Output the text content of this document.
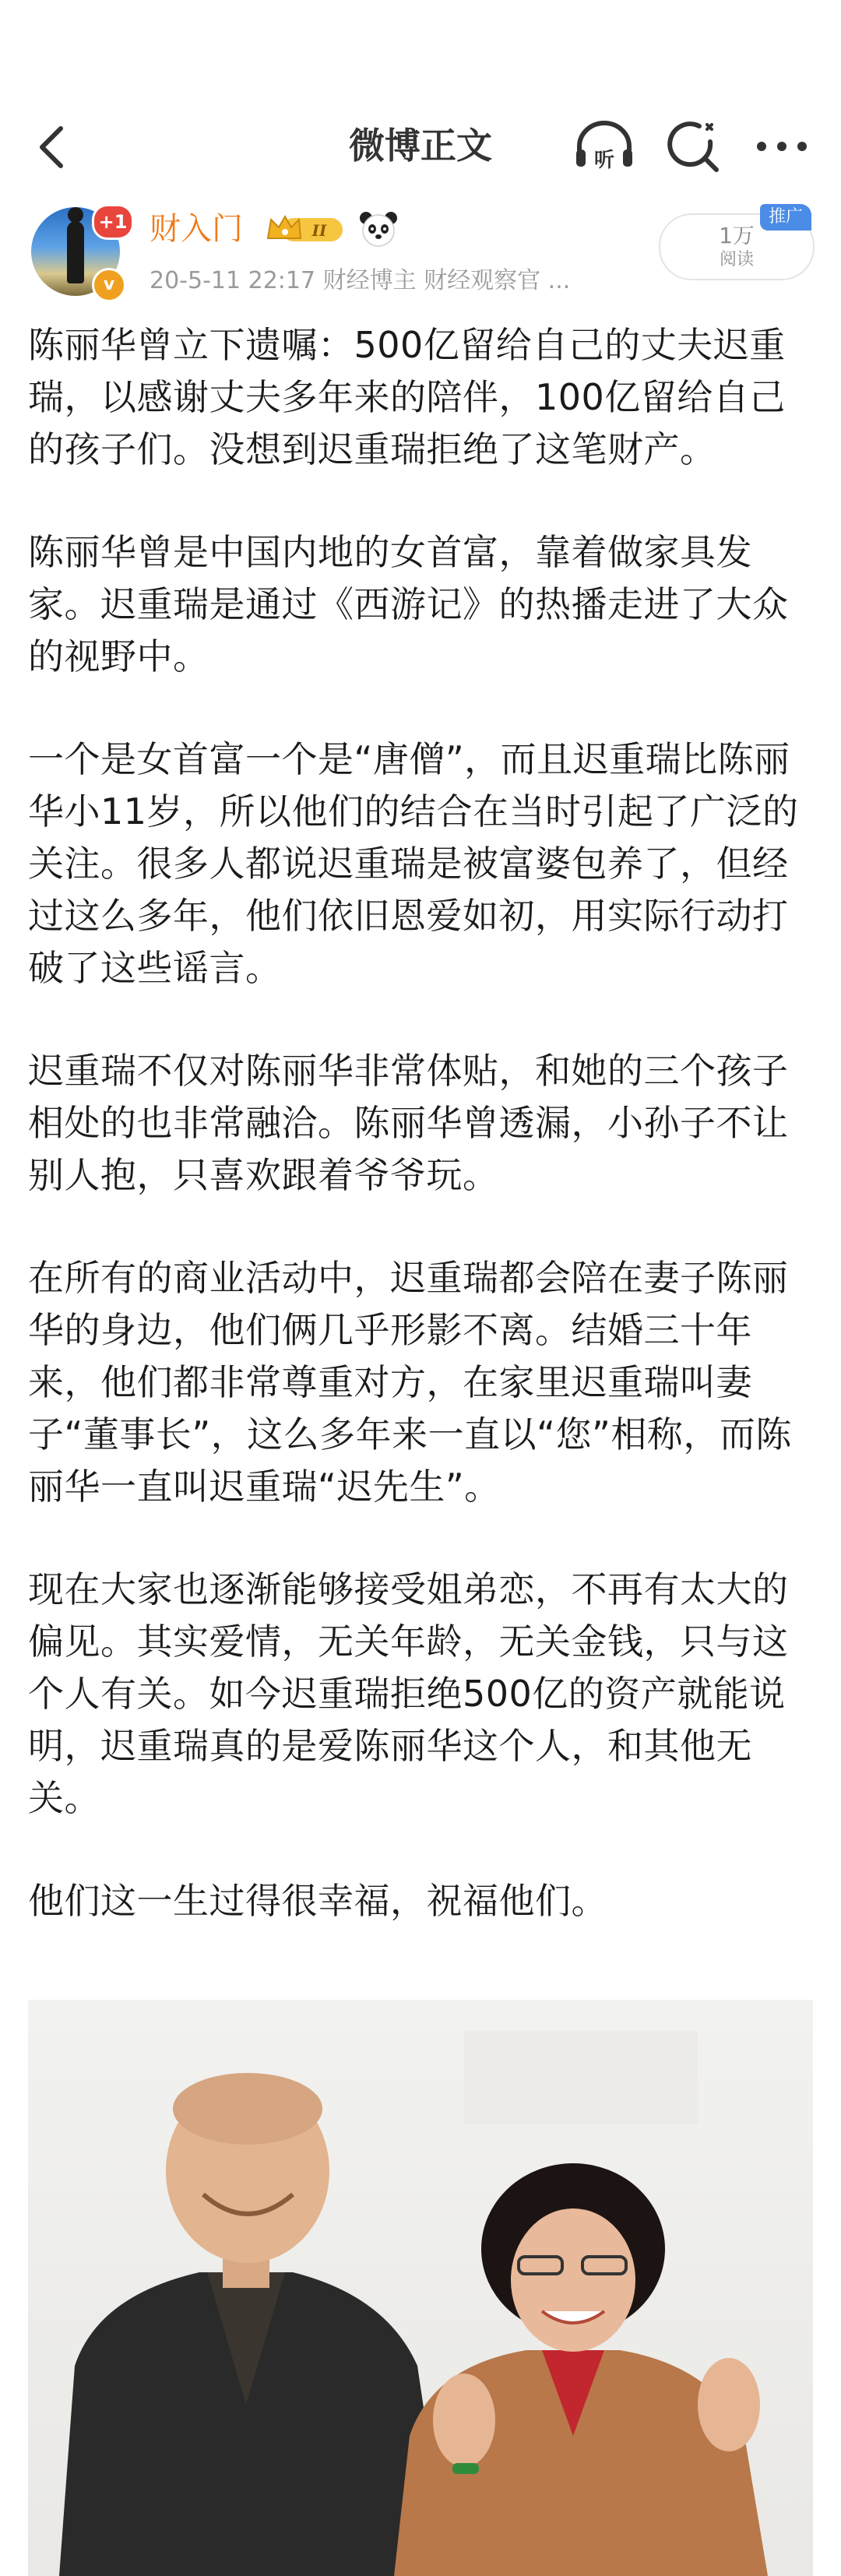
微博正文	听
+1
v
财入门	II
20-5-11 22:17 财经博主 财经观察官 ...
1万
阅读
推广

陈丽华曾立下遗嘱：500亿留给自己的丈夫迟重瑞，以感谢丈夫多年来的陪伴，100亿留给自己的孩子们。没想到迟重瑞拒绝了这笔财产。

陈丽华曾是中国内地的女首富，靠着做家具发家。迟重瑞是通过《西游记》的热播走进了大众的视野中。

一个是女首富一个是“唐僧”，而且迟重瑞比陈丽华小11岁，所以他们的结合在当时引起了广泛的关注。很多人都说迟重瑞是被富婆包养了，但经过这么多年，他们依旧恩爱如初，用实际行动打破了这些谣言。

迟重瑞不仅对陈丽华非常体贴，和她的三个孩子相处的也非常融洽。陈丽华曾透漏，小孙子不让别人抱，只喜欢跟着爷爷玩。

在所有的商业活动中，迟重瑞都会陪在妻子陈丽华的身边，他们俩几乎形影不离。结婚三十年来，他们都非常尊重对方，在家里迟重瑞叫妻子“董事长”，这么多年来一直以“您”相称，而陈丽华一直叫迟重瑞“迟先生”。

现在大家也逐渐能够接受姐弟恋，不再有太大的偏见。其实爱情，无关年龄，无关金钱，只与这个人有关。如今迟重瑞拒绝500亿的资产就能说明，迟重瑞真的是爱陈丽华这个人，和其他无关。

他们这一生过得很幸福，祝福他们。
